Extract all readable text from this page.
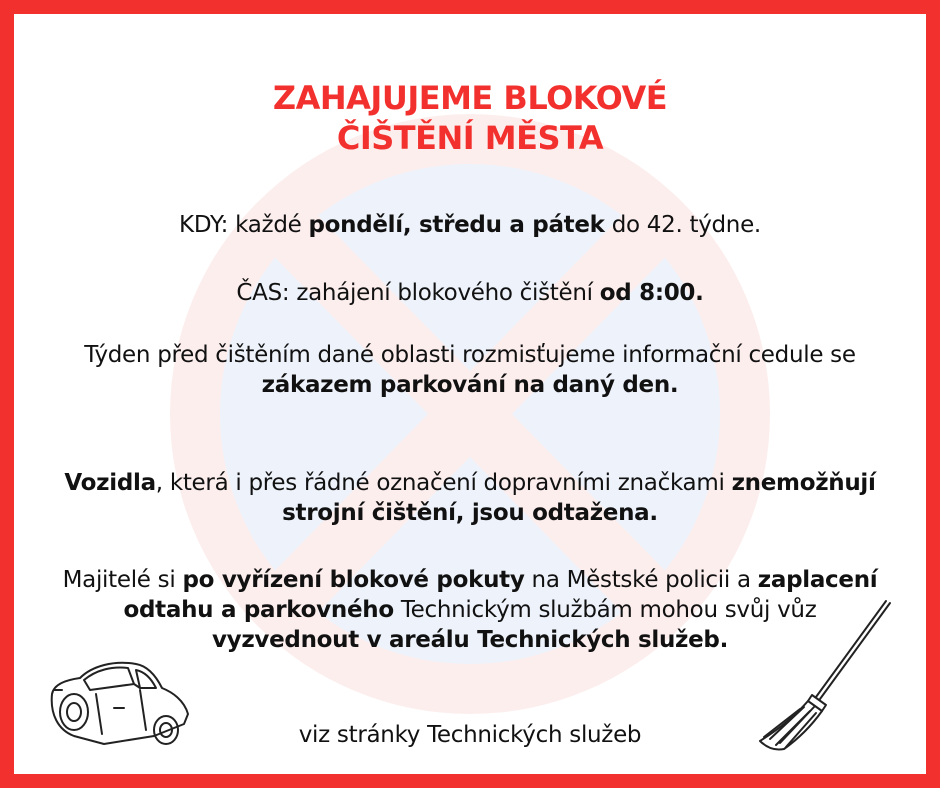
ZAHAJUJEME BLOKOVÉ
ČIŠTĚNÍ MĚSTA
KDY: každé pondělí, středu a pátek do 42. týdne.
ČAS: zahájení blokového čištění od 8:00.
Týden před čištěním dané oblasti rozmisťujeme informační cedule se zákazem parkování na daný den.
Vozidla, která i přes řádné označení dopravními značkami znemožňují strojní čištění, jsou odtažena.
Majitelé si po vyřízení blokové pokuty na Městské policii a zaplacení odtahu a parkovného Technickým službám mohou svůj vůz vyzvednout v areálu Technických služeb.
viz stránky Technických služeb
